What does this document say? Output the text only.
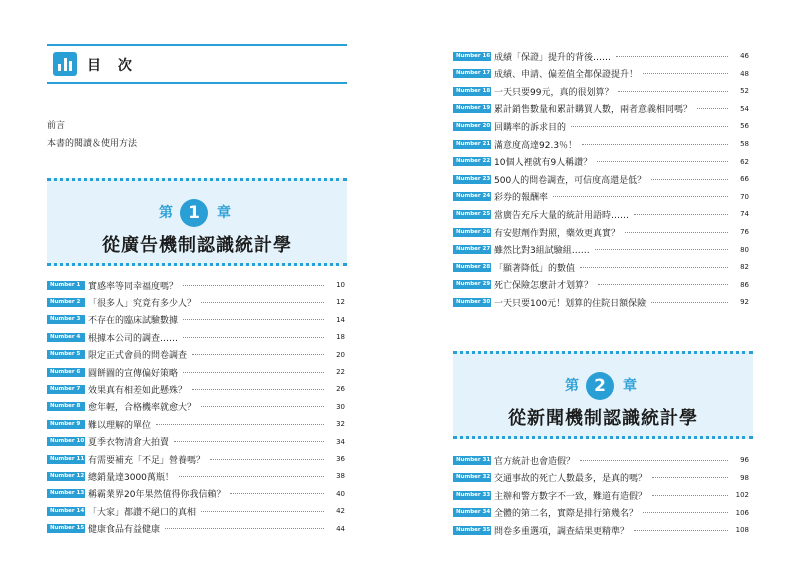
目 次
前言
本書的閱讀＆使用方法
第 1	章
從廣告機制認識統計學
Number 1 實感率等同幸福度嗎？	10
Number 2 「很多人」究竟有多少人？	12
Number 3 不存在的臨床試驗數據	14
Number 4 根據本公司的調查……	18
Number 5 限定正式會員的問卷調查	20
Number 6 圓餅圖的宣傳偏好策略	22
Number 7 效果真有相差如此懸殊？	26
Number 8 愈年輕，合格機率就愈大？	30
Number 9 難以理解的單位	32
Number 10 夏季衣物清倉大拍賣	34
Number 11 有需要補充「不足」營養嗎？	36
Number 12 總銷量達3000萬瓶！	38
Number 13 稱霸業界20年果然值得你我信賴？	40
Number 14 「大家」都讚不絕口的真相	42
Number 15 健康食品有益健康	44
Number 16 成績「保證」提升的背後……	46
Number 17 成績、申請、偏差值全都保證提升！	48
Number 18 一天只要99元，真的很划算？	52
Number 19 累計銷售數量和累計購買人數，兩者意義相同嗎？	54
Number 20 回購率的訴求目的	56
Number 21 滿意度高達92.3％！	58
Number 22 10個人裡就有9人稱讚？	62
Number 23 500人的問卷調查，可信度高還是低？	66
Number 24 彩券的報酬率	70
Number 25 當廣告充斥大量的統計用語時……	74
Number 26 有安慰劑作對照，藥效更真實？	76
Number 27 雖然比對3組試驗組……	80
Number 28 「顯著降低」的數值	82
Number 29 死亡保險怎麼計才划算？	86
Number 30 一天只要100元！划算的住院日額保險	92
第 2	章
從新聞機制認識統計學
Number 31 官方統計也會造假？	96
Number 32 交通事故的死亡人數最多，是真的嗎？	98
Number 33 主辦和警方數字不一致，難道有造假？	102
Number 34 全體的第二名，實際是排行第幾名？	106
Number 35 問卷多重選項，調查結果更精準？	108
